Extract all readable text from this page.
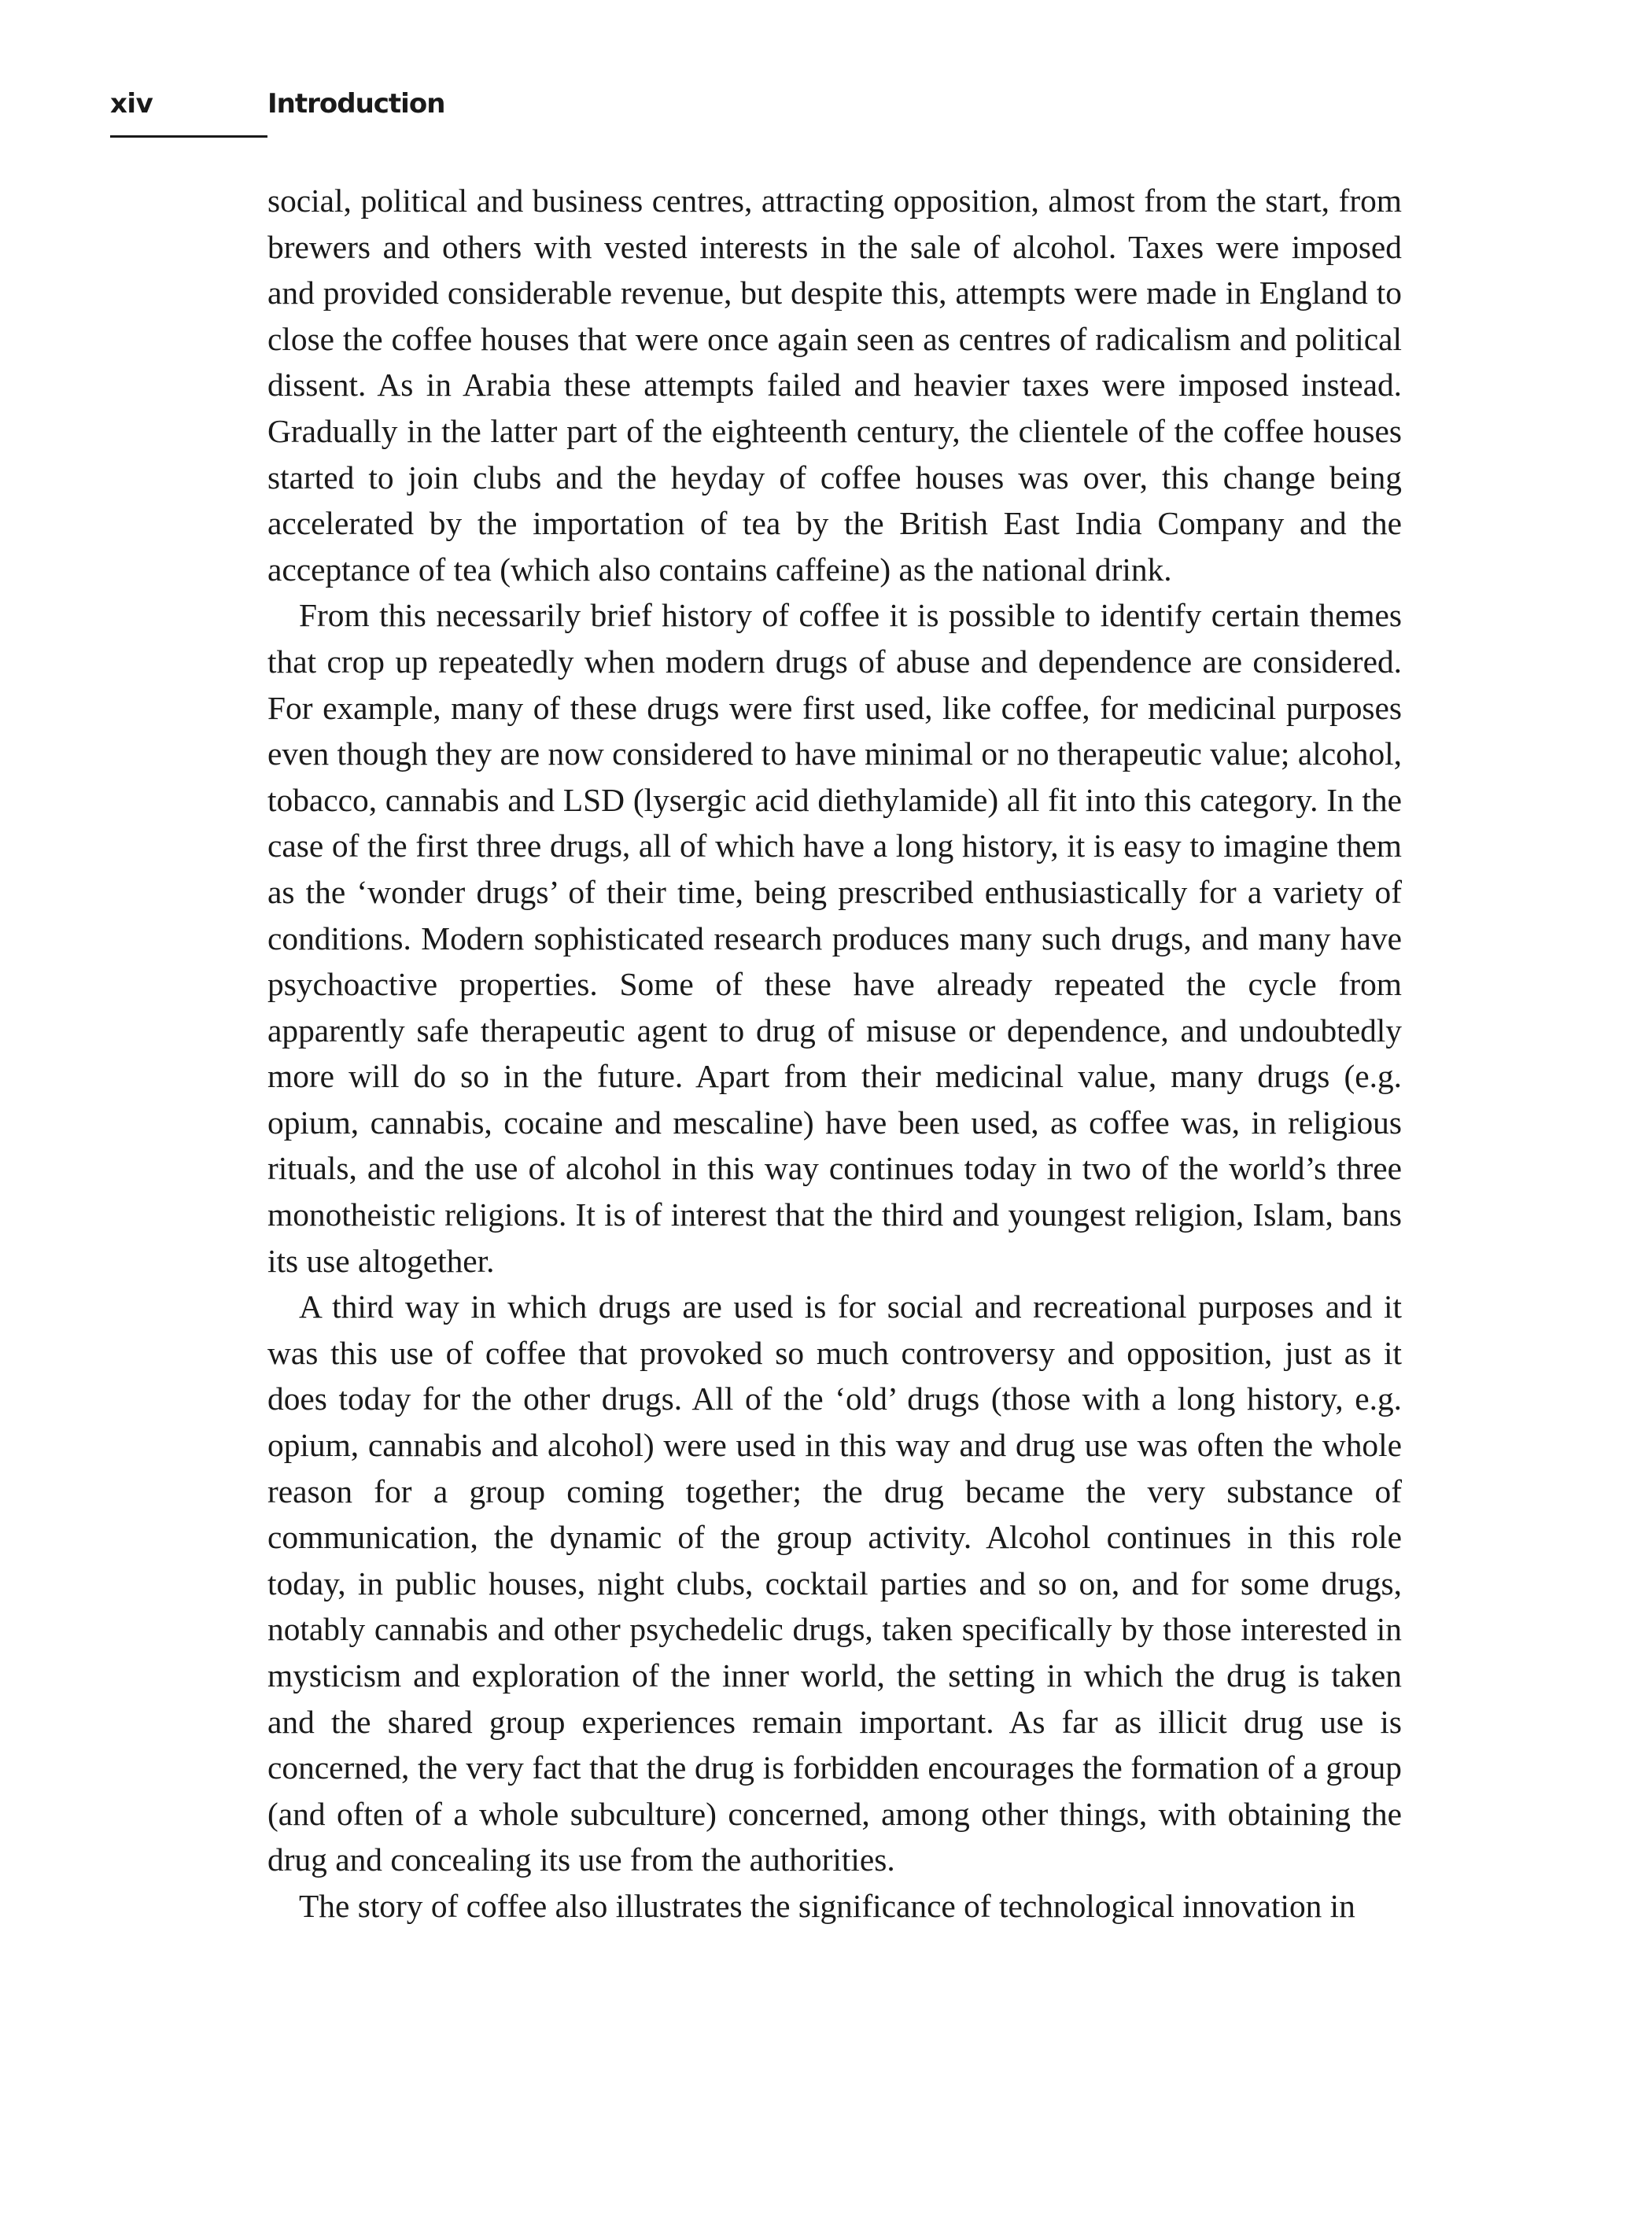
xiv	Introduction

social, political and business centres, attracting opposition, almost from the start, from brewers and others with vested interests in the sale of alcohol. Taxes were imposed and provided considerable revenue, but despite this, attempts were made in England to close the coffee houses that were once again seen as centres of radicalism and political dissent. As in Arabia these attempts failed and heavier taxes were imposed instead. Gradually in the latter part of the eighteenth century, the clientele of the coffee houses started to join clubs and the heyday of coffee houses was over, this change being accelerated by the importation of tea by the British East India Company and the acceptance of tea (which also contains caffeine) as the national drink.

From this necessarily brief history of coffee it is possible to identify certain themes that crop up repeatedly when modern drugs of abuse and dependence are considered. For example, many of these drugs were first used, like coffee, for medicinal purposes even though they are now considered to have minimal or no therapeutic value; alcohol, tobacco, cannabis and LSD (lysergic acid diethylamide) all fit into this category. In the case of the first three drugs, all of which have a long history, it is easy to imagine them as the ‘wonder drugs’ of their time, being prescribed enthusiastically for a variety of conditions. Modern sophisticated research produces many such drugs, and many have psychoactive properties. Some of these have already repeated the cycle from apparently safe therapeutic agent to drug of misuse or dependence, and undoubtedly more will do so in the future. Apart from their medicinal value, many drugs (e.g. opium, cannabis, cocaine and mescaline) have been used, as coffee was, in religious rituals, and the use of alcohol in this way continues today in two of the world’s three monotheistic religions. It is of interest that the third and youngest religion, Islam, bans its use altogether.

A third way in which drugs are used is for social and recreational purposes and it was this use of coffee that provoked so much controversy and opposition, just as it does today for the other drugs. All of the ‘old’ drugs (those with a long history, e.g. opium, cannabis and alcohol) were used in this way and drug use was often the whole reason for a group coming together; the drug became the very substance of communication, the dynamic of the group activity. Alcohol continues in this role today, in public houses, night clubs, cocktail parties and so on, and for some drugs, notably cannabis and other psychedelic drugs, taken specifically by those interested in mysticism and exploration of the inner world, the setting in which the drug is taken and the shared group experiences remain important. As far as illicit drug use is concerned, the very fact that the drug is forbidden encourages the formation of a group (and often of a whole subculture) concerned, among other things, with obtaining the drug and concealing its use from the authorities.

The story of coffee also illustrates the significance of technological innovation in
